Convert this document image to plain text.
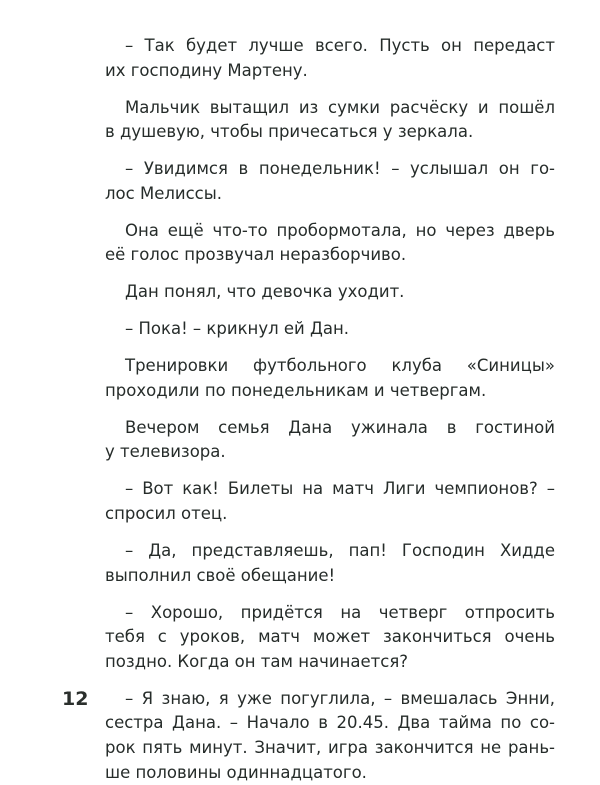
– Так будет лучше всего. Пусть он передаст
их господину Мартену.
Мальчик вытащил из сумки расчёску и пошёл
в душевую, чтобы причесаться у зеркала.
– Увидимся в понедельник! – услышал он го-
лос Мелиссы.
Она ещё что-то пробормотала, но через дверь
её голос прозвучал неразборчиво.
Дан понял, что девочка уходит.
– Пока! – крикнул ей Дан.
Тренировки футбольного клуба «Синицы»
проходили по понедельникам и четвергам.
Вечером семья Дана ужинала в гостиной
у телевизора.
– Вот как! Билеты на матч Лиги чемпионов? –
спросил отец.
– Да, представляешь, пап! Господин Хидде
выполнил своё обещание!
– Хорошо, придётся на четверг отпросить
тебя с уроков, матч может закончиться очень
поздно. Когда он там начинается?
– Я знаю, я уже погуглила, – вмешалась Энни,
сестра Дана. – Начало в 20.45. Два тайма по со-
рок пять минут. Значит, игра закончится не рань-
ше половины одиннадцатого.
12
